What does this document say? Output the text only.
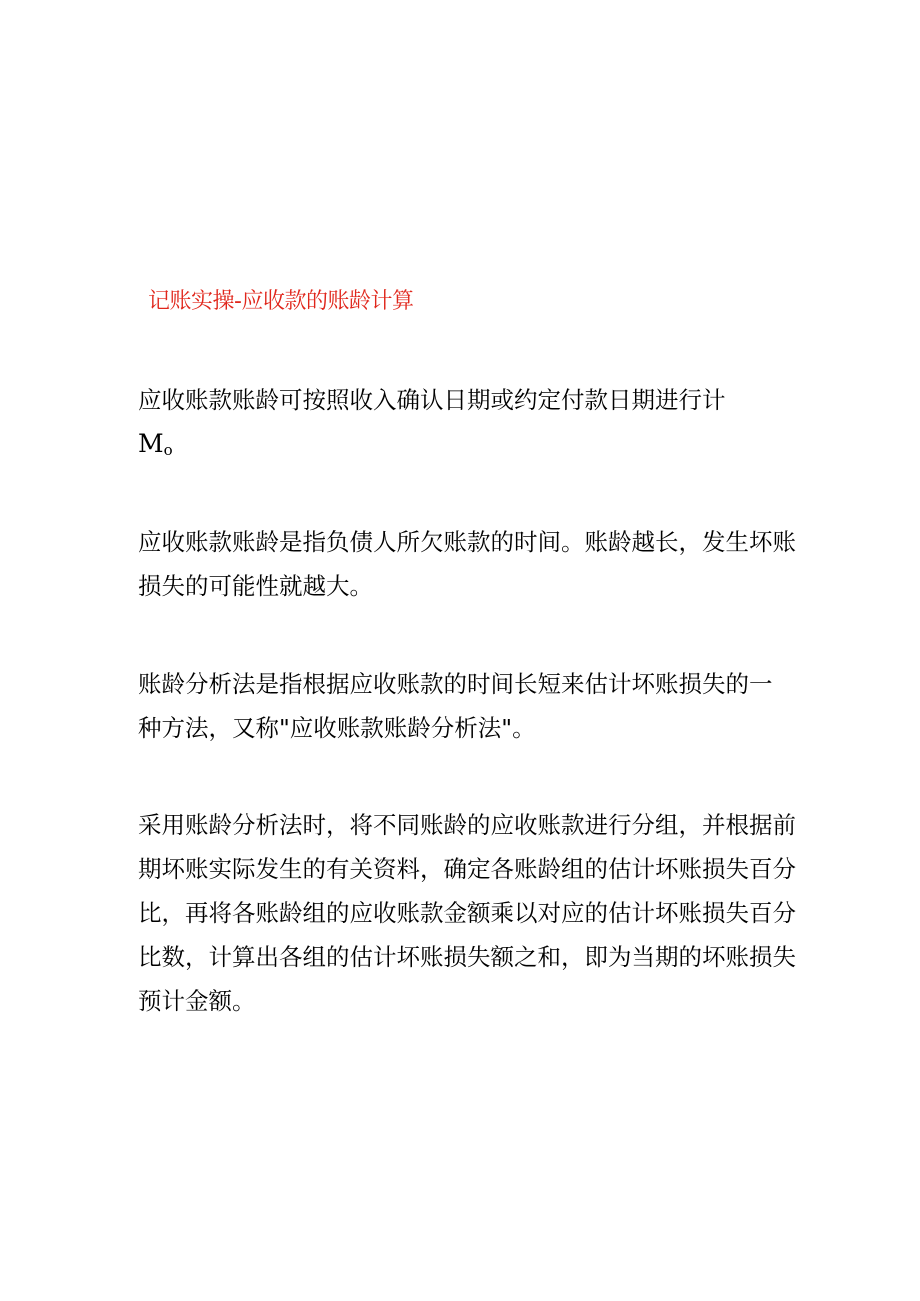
记账实操-应收款的账龄计算
应收账款账龄可按照收入确认日期或约定付款日期进行计
Mo
应收账款账龄是指负债人所欠账款的时间。账龄越长，发生坏账
损失的可能性就越大。
账龄分析法是指根据应收账款的时间长短来估计坏账损失的一
种方法，又称"应收账款账龄分析法"。
采用账龄分析法时，将不同账龄的应收账款进行分组，并根据前
期坏账实际发生的有关资料，确定各账龄组的估计坏账损失百分
比，再将各账龄组的应收账款金额乘以对应的估计坏账损失百分
比数，计算出各组的估计坏账损失额之和，即为当期的坏账损失
预计金额。
